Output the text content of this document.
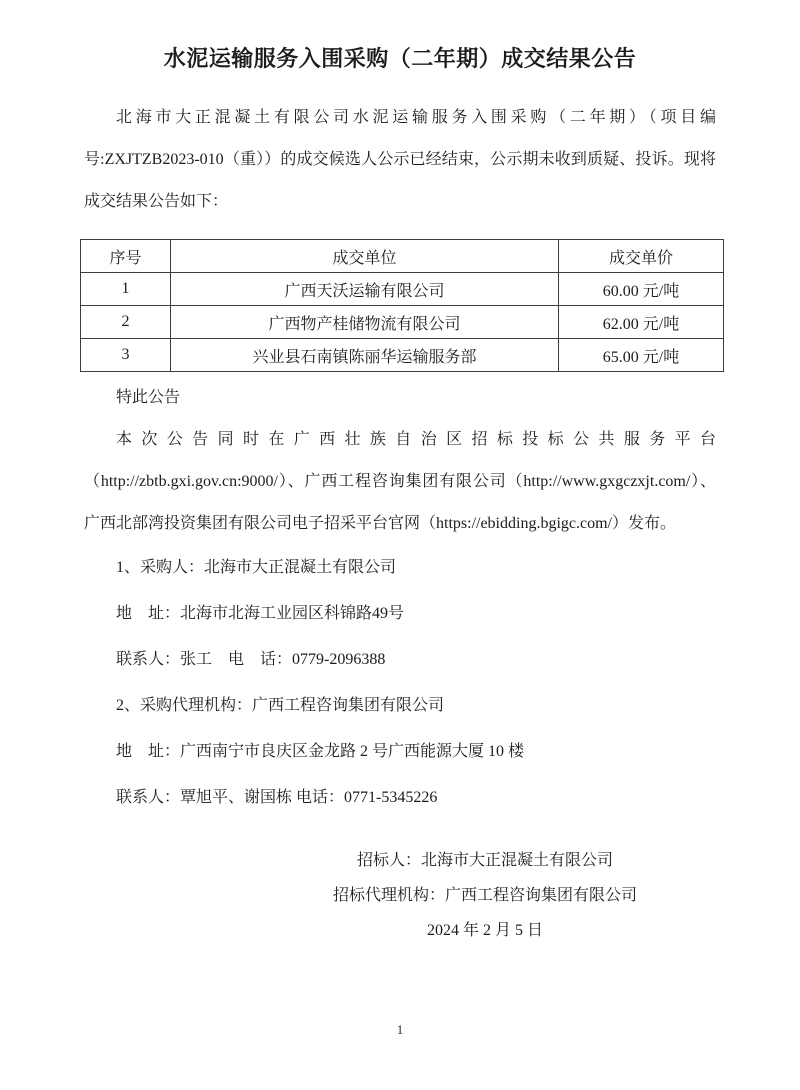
水泥运输服务入围采购（二年期）成交结果公告

北海市大正混凝土有限公司水泥运输服务入围采购（二年期）（项目编号:ZXJTZB2023-010（重））的成交候选人公示已经结束，公示期未收到质疑、投诉。现将成交结果公告如下：

序号	成交单位	成交单价
1	广西天沃运输有限公司	60.00 元/吨
2	广西物产桂储物流有限公司	62.00 元/吨
3	兴业县石南镇陈丽华运输服务部	65.00 元/吨

特此公告

本次公告同时在广西壮族自治区招标投标公共服务平台（http://zbtb.gxi.gov.cn:9000/）、广西工程咨询集团有限公司（http://www.gxgczxjt.com/）、广西北部湾投资集团有限公司电子招采平台官网（https://ebidding.bgigc.com/）发布。

1、采购人：北海市大正混凝土有限公司

地　址：北海市北海工业园区科锦路49号

联系人：张工　电　话：0779-2096388

2、采购代理机构：广西工程咨询集团有限公司

地　址：广西南宁市良庆区金龙路 2 号广西能源大厦 10 楼

联系人：覃旭平、谢国栋 电话：0771-5345226

招标人：北海市大正混凝土有限公司

招标代理机构：广西工程咨询集团有限公司

2024 年 2 月 5 日

1
